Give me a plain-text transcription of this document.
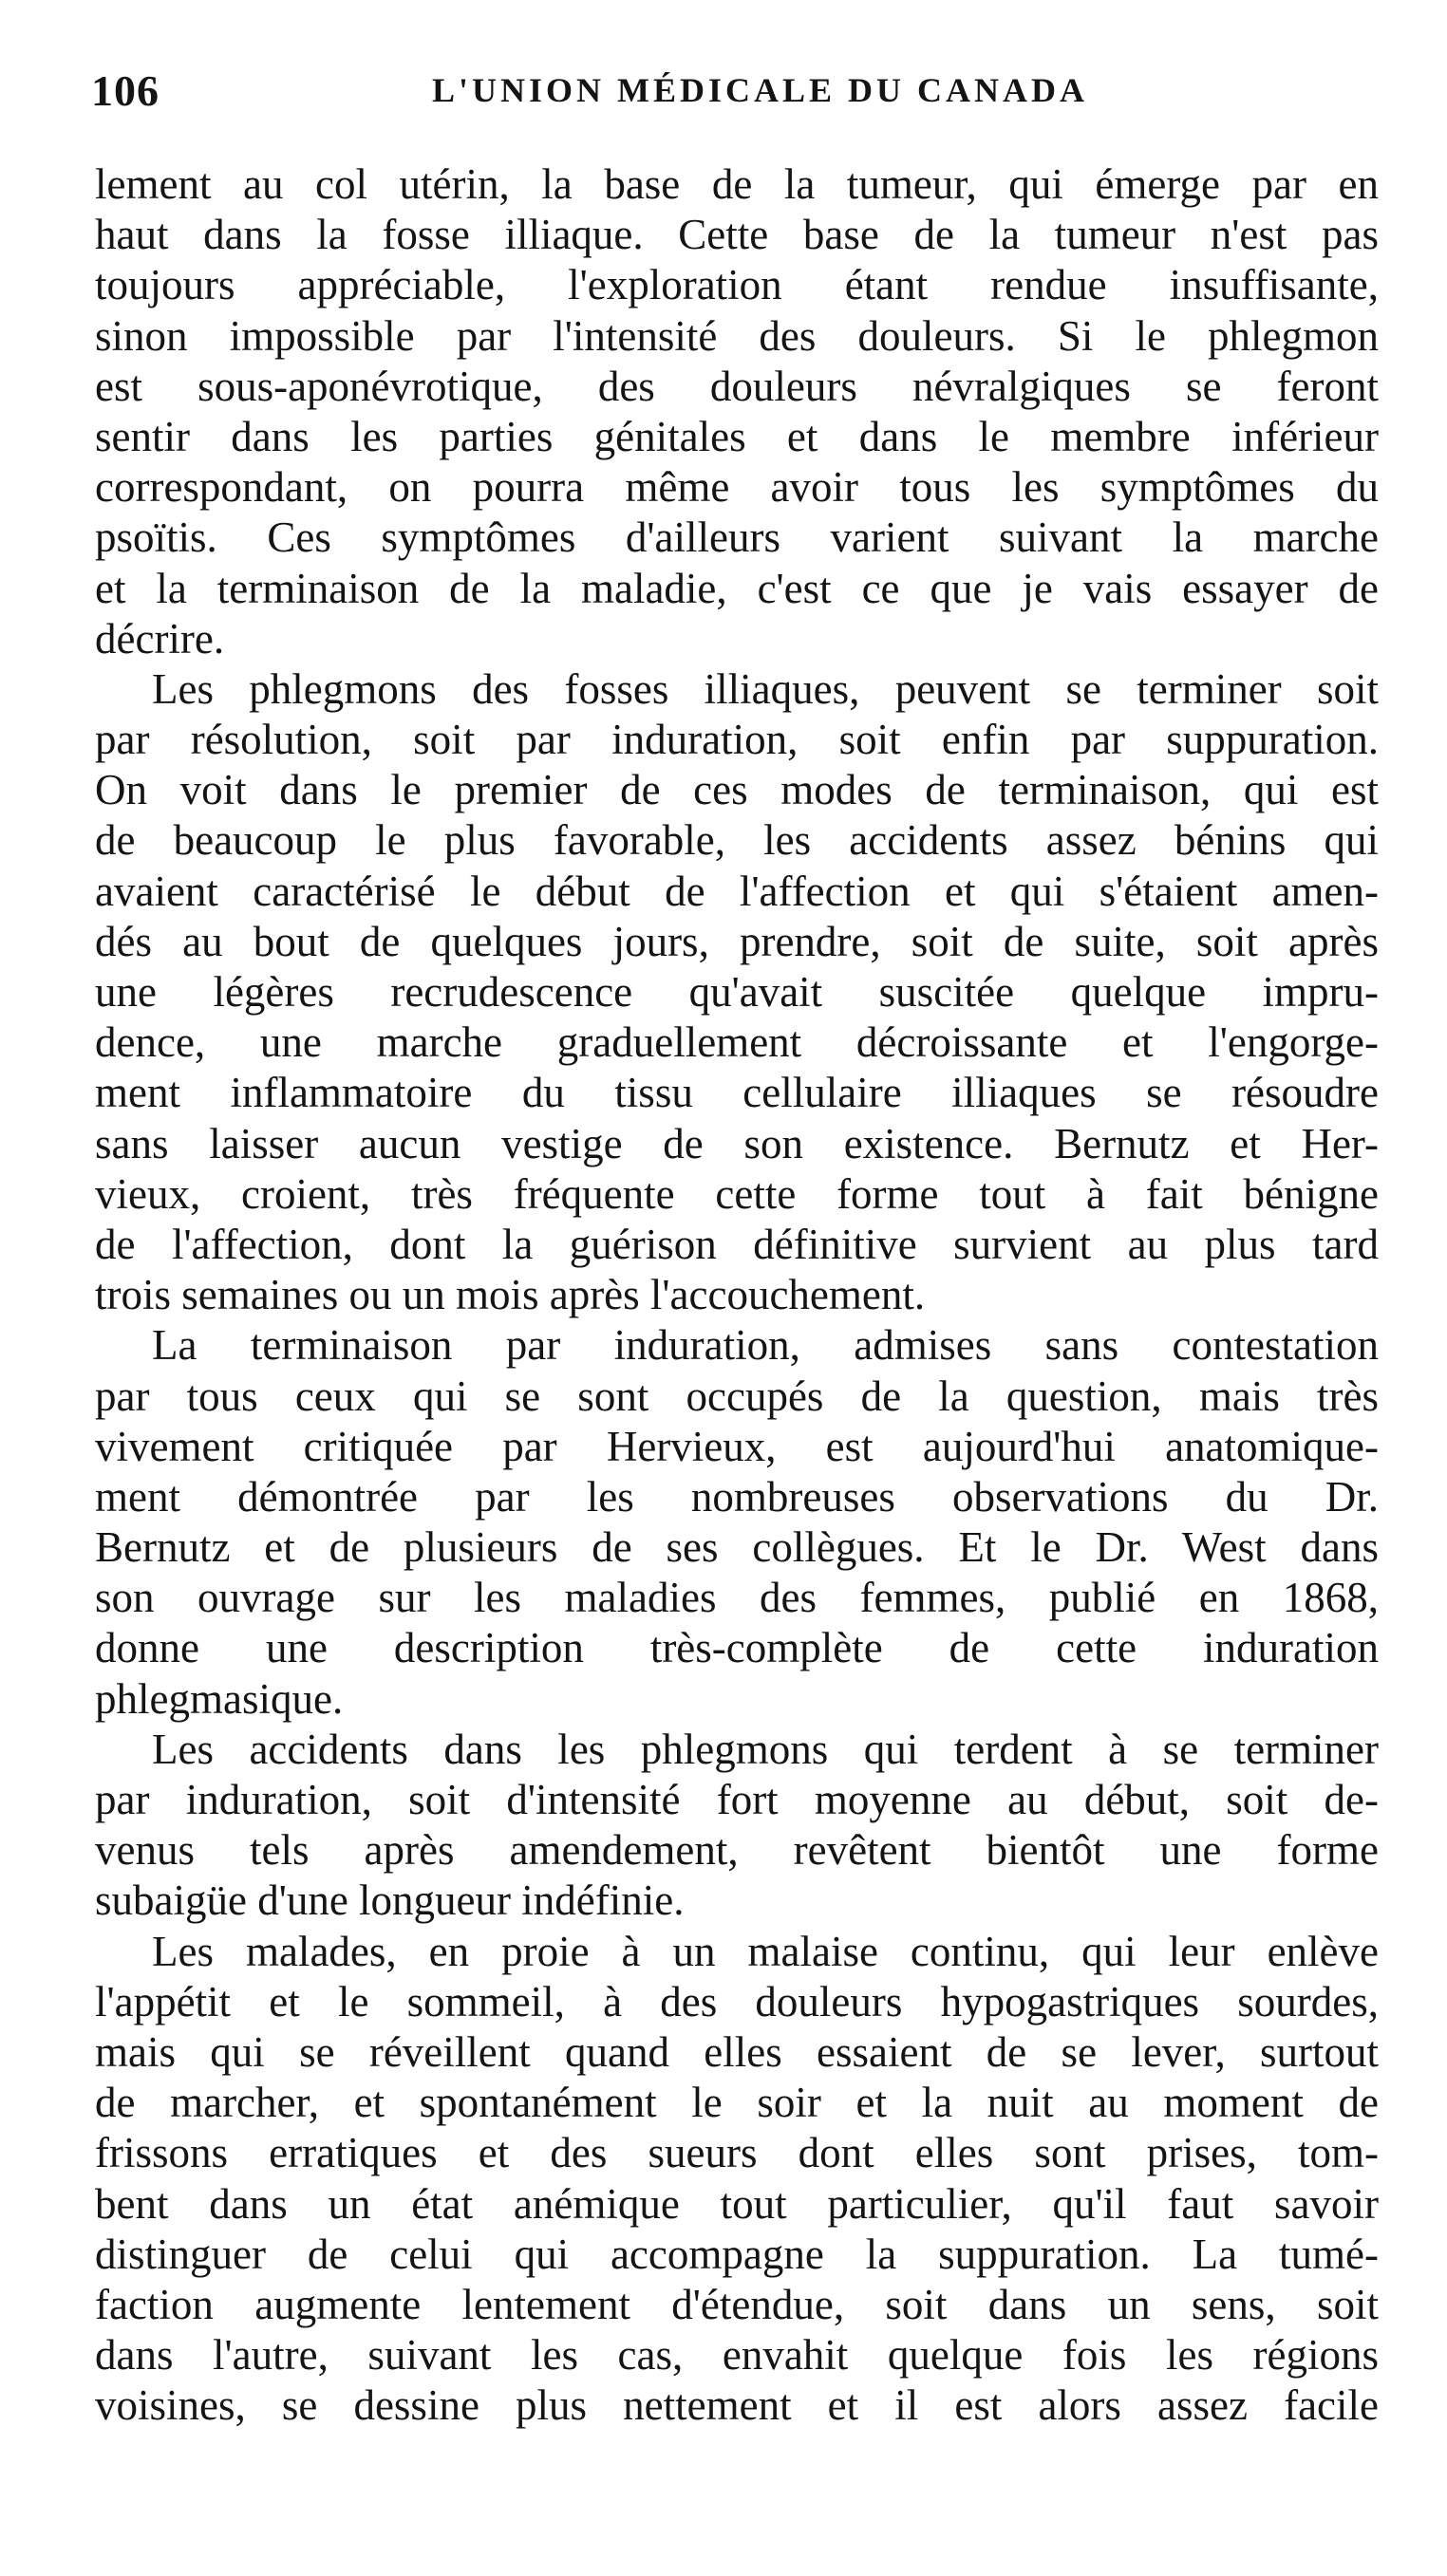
106	L'UNION MÉDICALE DU CANADA
lement au col utérin, la base de la tumeur, qui émerge par en
haut dans la fosse illiaque. Cette base de la tumeur n'est pas
toujours appréciable, l'exploration étant rendue insuffisante,
sinon impossible par l'intensité des douleurs. Si le phlegmon
est sous-aponévrotique, des douleurs névralgiques se feront
sentir dans les parties génitales et dans le membre inférieur
correspondant, on pourra même avoir tous les symptômes du
psoïtis. Ces symptômes d'ailleurs varient suivant la marche
et la terminaison de la maladie, c'est ce que je vais essayer de
décrire.
Les phlegmons des fosses illiaques, peuvent se terminer soit
par résolution, soit par induration, soit enfin par suppuration.
On voit dans le premier de ces modes de terminaison, qui est
de beaucoup le plus favorable, les accidents assez bénins qui
avaient caractérisé le début de l'affection et qui s'étaient amen-
dés au bout de quelques jours, prendre, soit de suite, soit après
une légères recrudescence qu'avait suscitée quelque impru-
dence, une marche graduellement décroissante et l'engorge-
ment inflammatoire du tissu cellulaire illiaques se résoudre
sans laisser aucun vestige de son existence. Bernutz et Her-
vieux, croient, très fréquente cette forme tout à fait bénigne
de l'affection, dont la guérison définitive survient au plus tard
trois semaines ou un mois après l'accouchement.
La terminaison par induration, admises sans contestation
par tous ceux qui se sont occupés de la question, mais très
vivement critiquée par Hervieux, est aujourd'hui anatomique-
ment démontrée par les nombreuses observations du Dr.
Bernutz et de plusieurs de ses collègues. Et le Dr. West dans
son ouvrage sur les maladies des femmes, publié en 1868,
donne une description très-complète de cette induration
phlegmasique.
Les accidents dans les phlegmons qui terdent à se terminer
par induration, soit d'intensité fort moyenne au début, soit de-
venus tels après amendement, revêtent bientôt une forme
subaigüe d'une longueur indéfinie.
Les malades, en proie à un malaise continu, qui leur enlève
l'appétit et le sommeil, à des douleurs hypogastriques sourdes,
mais qui se réveillent quand elles essaient de se lever, surtout
de marcher, et spontanément le soir et la nuit au moment de
frissons erratiques et des sueurs dont elles sont prises, tom-
bent dans un état anémique tout particulier, qu'il faut savoir
distinguer de celui qui accompagne la suppuration. La tumé-
faction augmente lentement d'étendue, soit dans un sens, soit
dans l'autre, suivant les cas, envahit quelque fois les régions
voisines, se dessine plus nettement et il est alors assez facile
